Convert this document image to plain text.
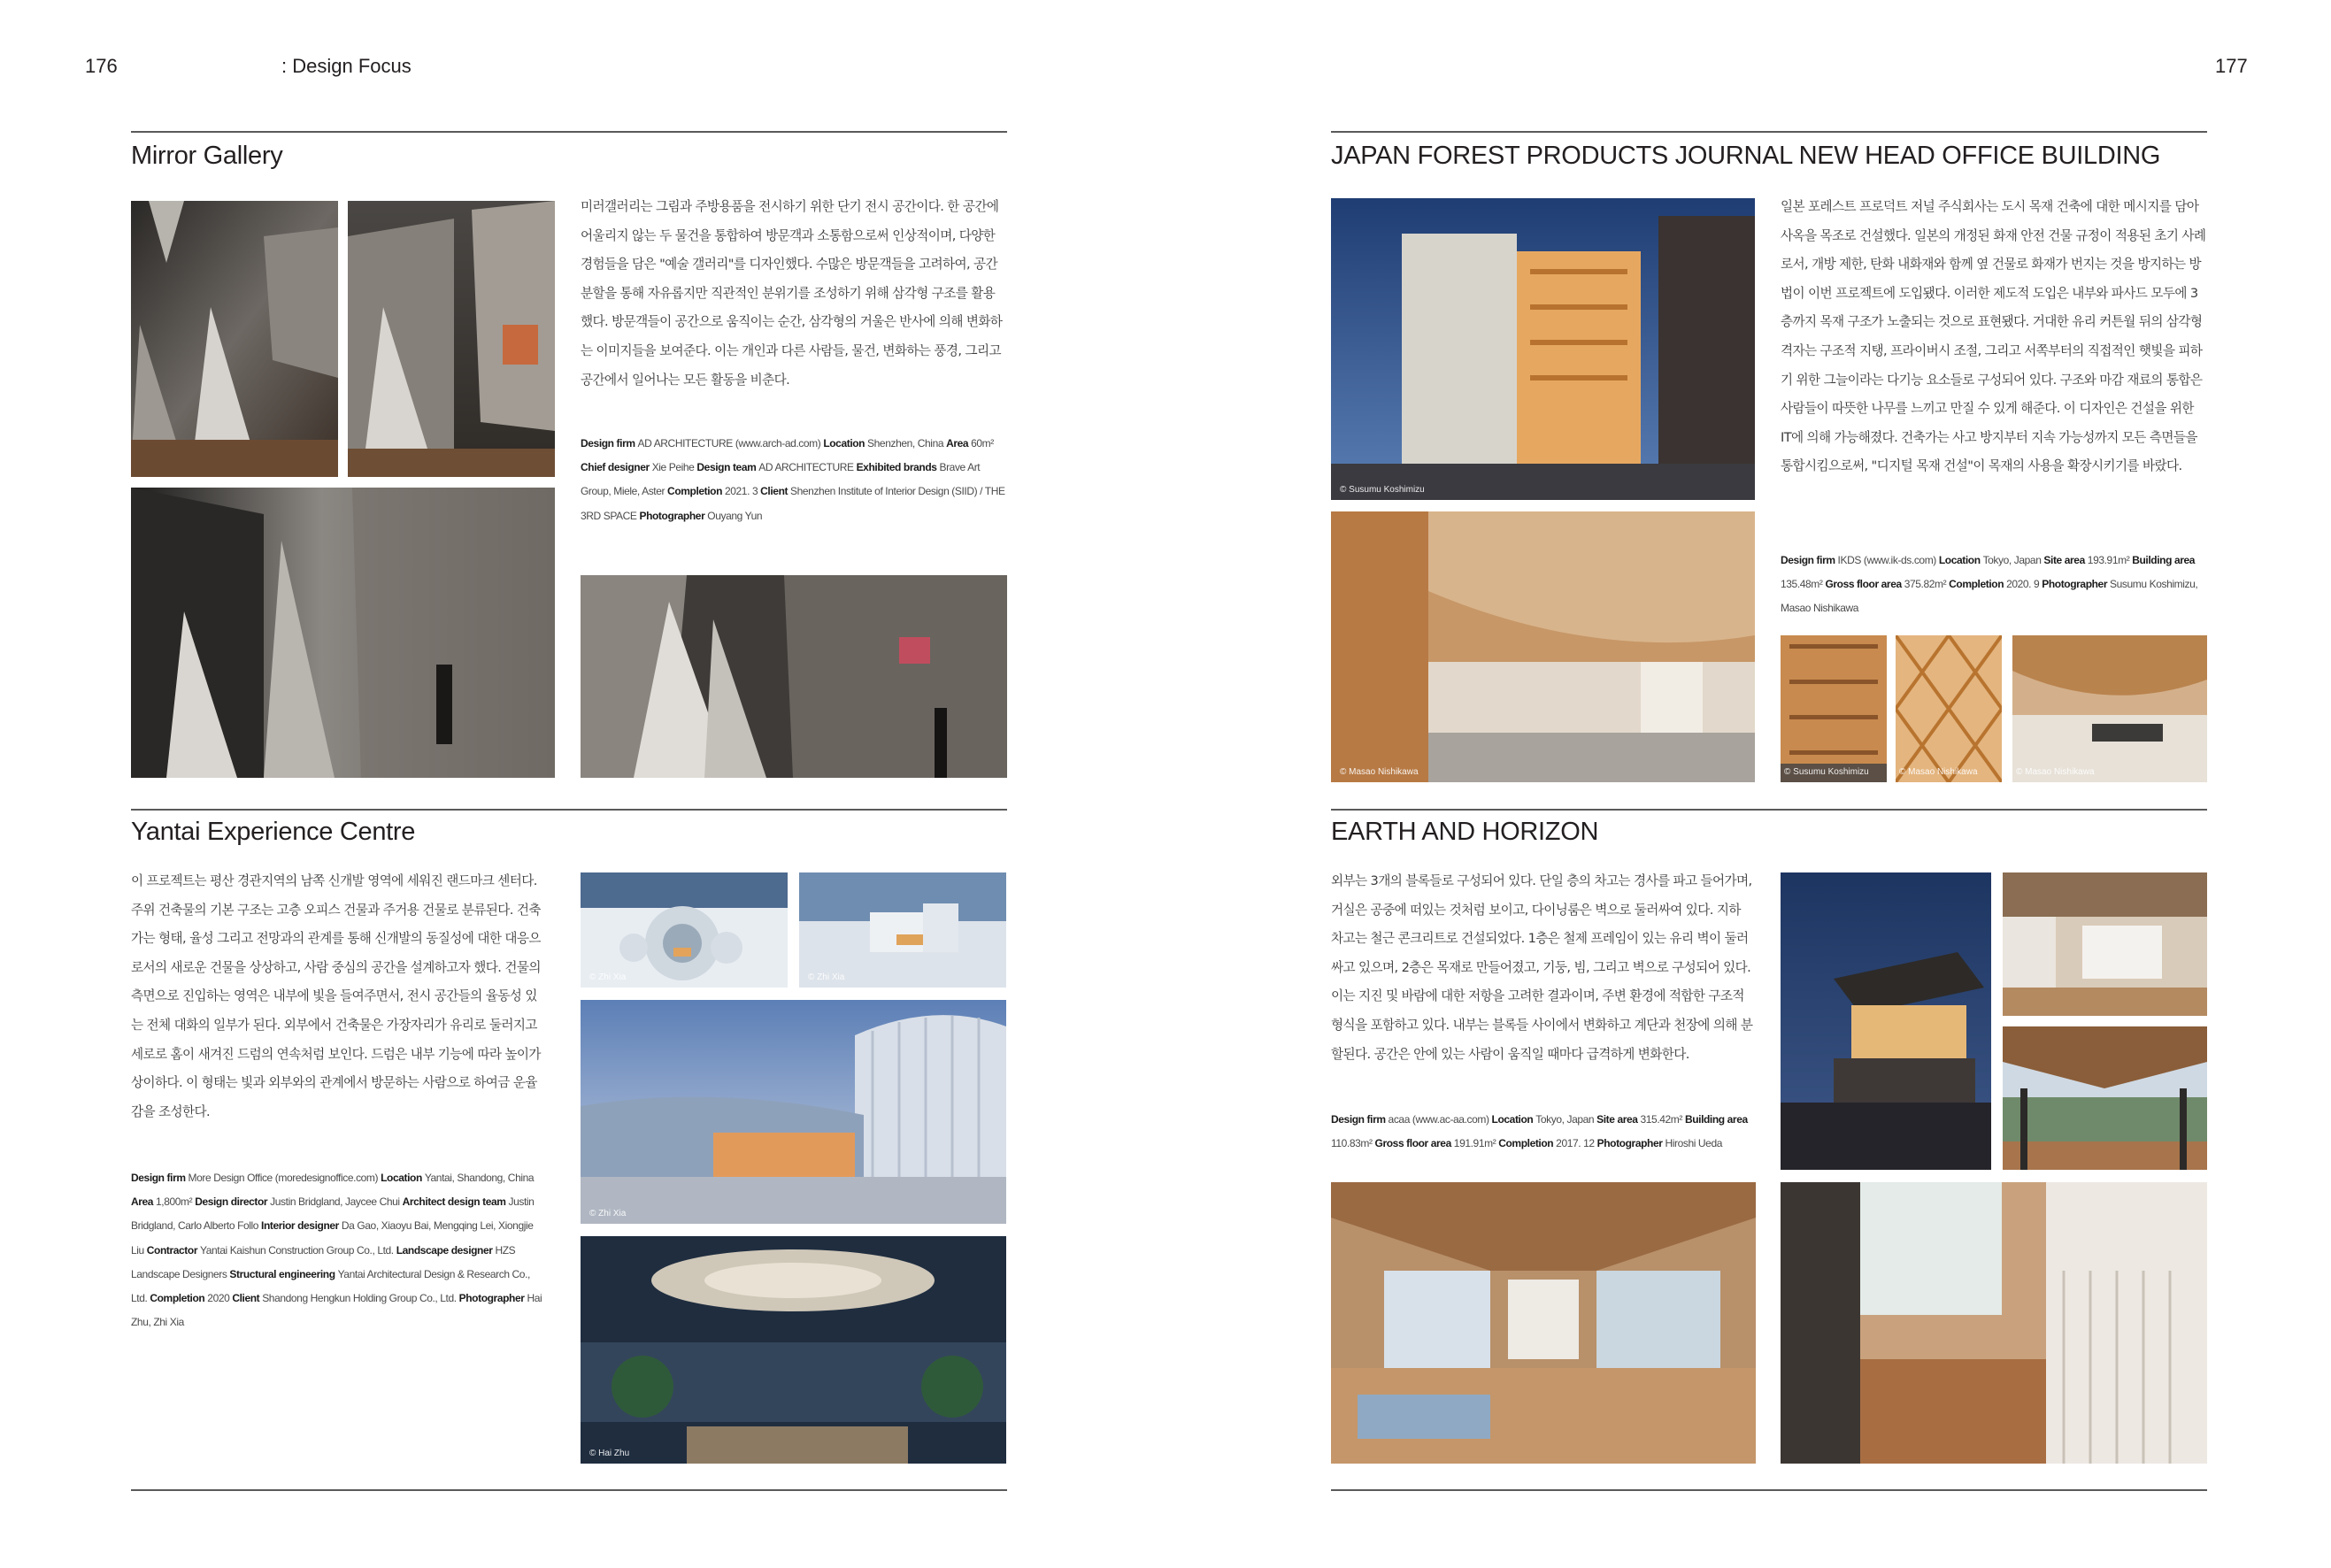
176	: Design Focus	177
Mirror Gallery

미러갤러리는 그림과 주방용품을 전시하기 위한 단기 전시 공간이다. 한 공간에 어울리지 않는 두 물건을 통합하여 방문객과 소통함으로써 인상적이며, 다양한 경험들을 담은 "예술 갤러리"를 디자인했다. 수많은 방문객들을 고려하여, 공간 분할을 통해 자유롭지만 직관적인 분위기를 조성하기 위해 삼각형 구조를 활용했다. 방문객들이 공간으로 움직이는 순간, 삼각형의 거울은 반사에 의해 변화하는 이미지들을 보여준다. 이는 개인과 다른 사람들, 물건, 변화하는 풍경, 그리고 공간에서 일어나는 모든 활동을 비춘다.

Design firm AD ARCHITECTURE (www.arch-ad.com) Location Shenzhen, China Area 60m² Chief designer Xie Peihe Design team AD ARCHITECTURE Exhibited brands Brave Art Group, Miele, Aster Completion 2021. 3 Client Shenzhen Institute of Interior Design (SIID) / THE 3RD SPACE Photographer Ouyang Yun
Yantai Experience Centre

이 프로젝트는 평산 경관지역의 남쪽 신개발 영역에 세워진 랜드마크 센터다. 주위 건축물의 기본 구조는 고층 오피스 건물과 주거용 건물로 분류된다. 건축가는 형태, 율성 그리고 전망과의 관계를 통해 신개발의 동질성에 대한 대응으로서의 새로운 건물을 상상하고, 사람 중심의 공간을 설계하고자 했다. 건물의 측면으로 진입하는 영역은 내부에 빛을 들여주면서, 전시 공간들의 율동성 있는 전체 대화의 일부가 된다. 외부에서 건축물은 가장자리가 유리로 둘러지고 세로로 홈이 새겨진 드럼의 연속처럼 보인다. 드럼은 내부 기능에 따라 높이가 상이하다. 이 형태는 빛과 외부와의 관계에서 방문하는 사람으로 하여금 운율감을 조성한다.

Design firm More Design Office (moredesignoffice.com) Location Yantai, Shandong, China Area 1,800m² Design director Justin Bridgland, Jaycee Chui Architect design team Justin Bridgland, Carlo Alberto Follo Interior designer Da Gao, Xiaoyu Bai, Mengqing Lei, Xiongjie Liu Contractor Yantai Kaishun Construction Group Co., Ltd. Landscape designer HZS Landscape Designers Structural engineering Yantai Architectural Design & Research Co., Ltd. Completion 2020 Client Shandong Hengkun Holding Group Co., Ltd. Photographer Hai Zhu, Zhi Xia
© Zhi Xia	© Zhi Xia
© Zhi Xia
© Hai Zhu
JAPAN FOREST PRODUCTS JOURNAL NEW HEAD OFFICE BUILDING
© Susumu Koshimizu
© Masao Nishikawa

일본 포레스트 프로덕트 저널 주식회사는 도시 목재 건축에 대한 메시지를 담아 사옥을 목조로 건설했다. 일본의 개정된 화재 안전 건물 규정이 적용된 초기 사례로서, 개방 제한, 탄화 내화재와 함께 옆 건물로 화재가 번지는 것을 방지하는 방법이 이번 프로젝트에 도입됐다. 이러한 제도적 도입은 내부와 파사드 모두에 3층까지 목재 구조가 노출되는 것으로 표현됐다. 거대한 유리 커튼월 뒤의 삼각형 격자는 구조적 지탱, 프라이버시 조절, 그리고 서쪽부터의 직접적인 햇빛을 피하기 위한 그늘이라는 다기능 요소들로 구성되어 있다. 구조와 마감 재료의 통합은 사람들이 따뜻한 나무를 느끼고 만질 수 있게 해준다. 이 디자인은 건설을 위한 IT에 의해 가능해졌다. 건축가는 사고 방지부터 지속 가능성까지 모든 측면들을 통합시킴으로써, "디지털 목재 건설"이 목재의 사용을 확장시키기를 바랐다.

Design firm IKDS (www.ik-ds.com) Location Tokyo, Japan Site area 193.91m² Building area 135.48m² Gross floor area 375.82m² Completion 2020. 9 Photographer Susumu Koshimizu, Masao Nishikawa
© Susumu Koshimizu	© Masao Nishikawa	© Masao Nishikawa
EARTH AND HORIZON

외부는 3개의 블록들로 구성되어 있다. 단일 층의 차고는 경사를 파고 들어가며, 거실은 공중에 떠있는 것처럼 보이고, 다이닝룸은 벽으로 둘러싸여 있다. 지하 차고는 철근 콘크리트로 건설되었다. 1층은 철제 프레임이 있는 유리 벽이 둘러싸고 있으며, 2층은 목재로 만들어졌고, 기둥, 빔, 그리고 벽으로 구성되어 있다. 이는 지진 및 바람에 대한 저항을 고려한 결과이며, 주변 환경에 적합한 구조적 형식을 포함하고 있다. 내부는 블록들 사이에서 변화하고 계단과 천장에 의해 분할된다. 공간은 안에 있는 사람이 움직일 때마다 급격하게 변화한다.

Design firm acaa (www.ac-aa.com) Location Tokyo, Japan Site area 315.42m² Building area 110.83m² Gross floor area 191.91m² Completion 2017. 12 Photographer Hiroshi Ueda
